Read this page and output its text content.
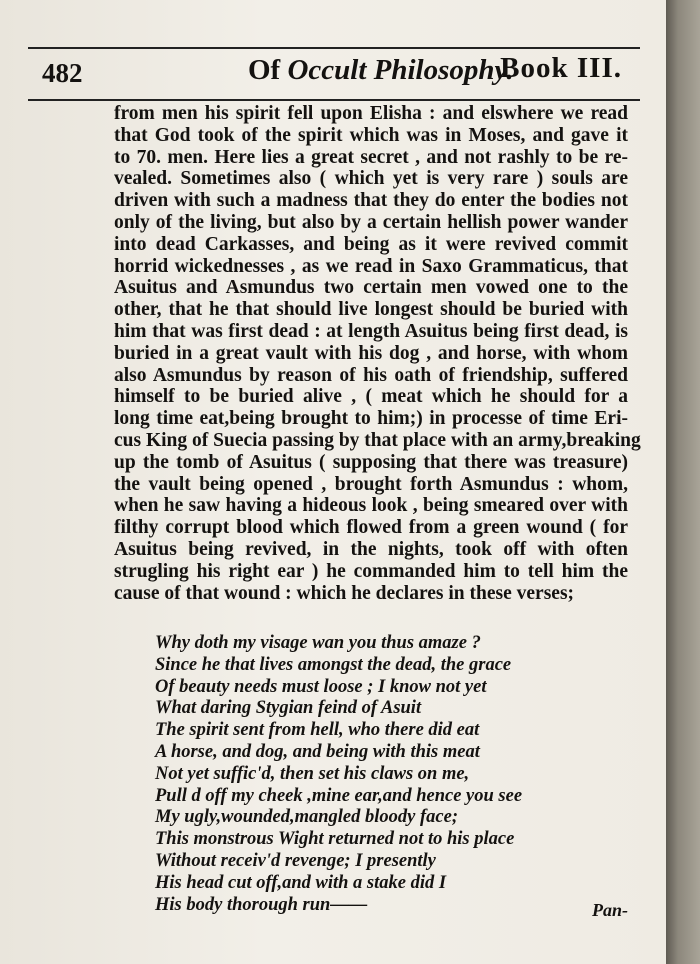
482	Of Occult Philosophy.
Book III.
from men his spirit fell upon Elisha : and elswhere we read
that God took of the spirit which was in Moses, and gave it
to 70. men. Here lies a great secret , and not rashly to be re-
vealed. Sometimes also ( which yet is very rare ) souls are
driven with such a madness that they do enter the bodies not
only of the living, but also by a certain hellish power wander
into dead Carkasses, and being as it were revived commit
horrid wickednesses , as we read in Saxo Grammaticus, that
Asuitus and Asmundus two certain men vowed one to the
other, that he that should live longest should be buried with
him that was first dead : at length Asuitus being first dead, is
buried in a great vault with his dog , and horse, with whom
also Asmundus by reason of his oath of friendship, suffered
himself to be buried alive , ( meat which he should for a
long time eat,being brought to him;) in processe of time Eri-
cus King of Suecia passing by that place with an army,breaking
up the tomb of Asuitus ( supposing that there was treasure)
the vault being opened , brought forth Asmundus : whom,
when he saw having a hideous look , being smeared over with
filthy corrupt blood which flowed from a green wound ( for
Asuitus being revived, in the nights, took off with often
strugling his right ear ) he commanded him to tell him the
cause of that wound : which he declares in these verses;
Why doth my visage wan you thus amaze ?
Since he that lives amongst the dead, the grace
Of beauty needs must loose ; I know not yet
What daring Stygian feind of Asuit
The spirit sent from hell, who there did eat
A horse, and dog, and being with this meat
Not yet suffic'd, then set his claws on me,
Pull d off my cheek ,mine ear,and hence you see
My ugly,wounded,mangled bloody face;
This monstrous Wight returned not to his place
Without receiv'd revenge; I presently
His head cut off,and with a stake did I
His body thorough run——	Pan-
